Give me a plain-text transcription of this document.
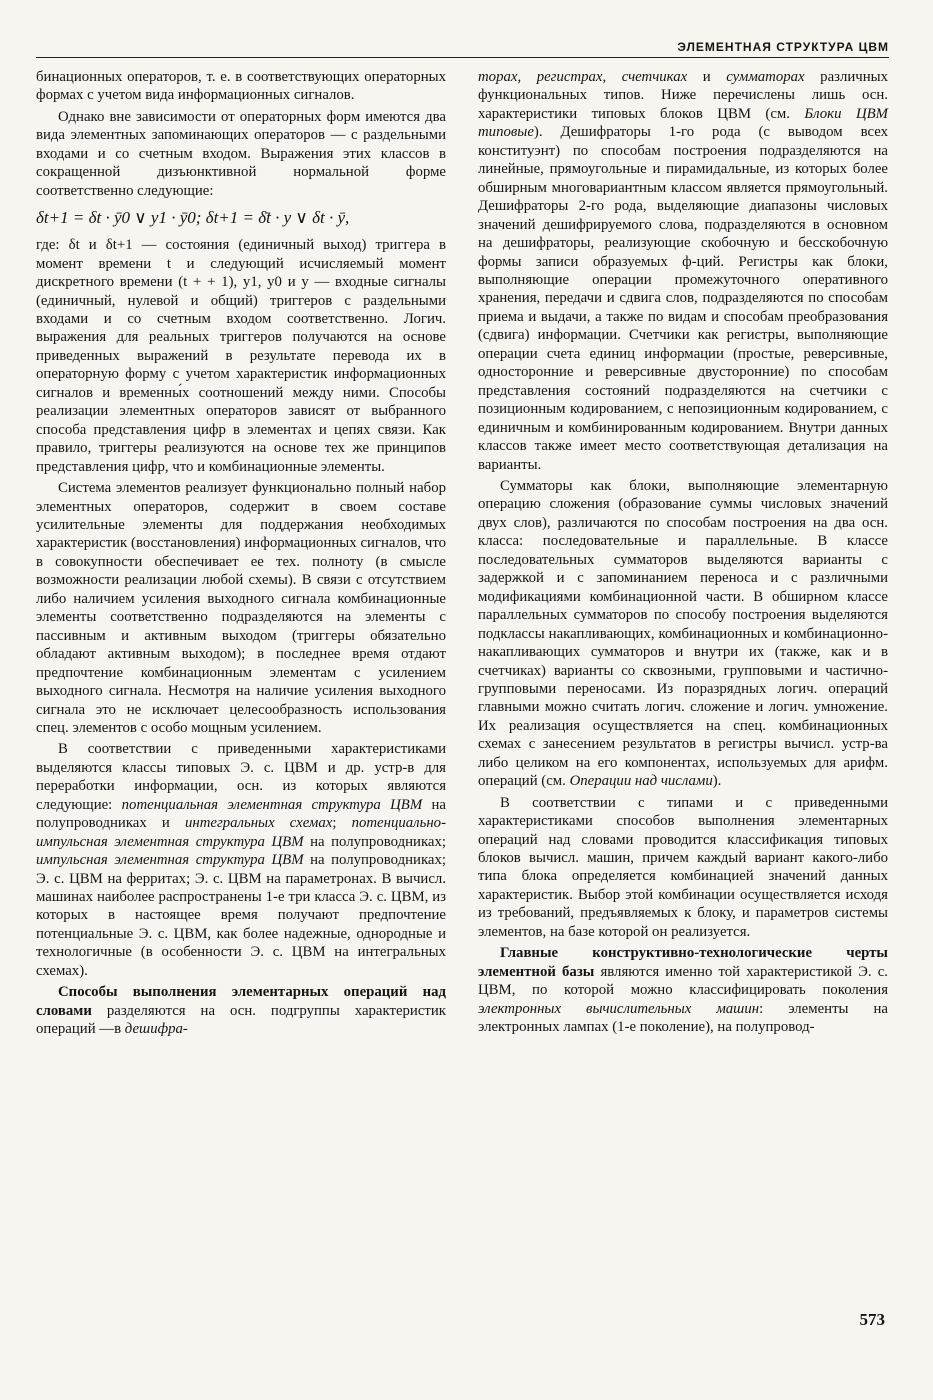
ЭЛЕМЕНТНАЯ СТРУКТУРА ЦВМ

бинационных операторов, т. е. в соответствующих операторных формах с учетом вида информационных сигналов.

Однако вне зависимости от операторных форм имеются два вида элементных запоминающих операторов — с раздельными входами и со счетным входом. Выражения этих классов в сокращенной дизъюнктивной нормальной форме соответственно следующие:

δt+1 = δt · ȳ0 ∨ y1 · ȳ0; δt+1 = δ̄t · y ∨ δt · ȳ,

где: δt и δt+1 — состояния (единичный выход) триггера в момент времени t и следующий исчисляемый момент дискретного времени (t + + 1), y1, y0 и y — входные сигналы (единичный, нулевой и общий) триггеров с раздельными входами и со счетным входом соответственно. Логич. выражения для реальных триггеров получаются на основе приведенных выражений в результате перевода их в операторную форму с учетом характеристик информационных сигналов и временны́х соотношений между ними. Способы реализации элементных операторов зависят от выбранного способа представления цифр в элементах и цепях связи. Как правило, триггеры реализуются на основе тех же принципов представления цифр, что и комбинационные элементы.

Система элементов реализует функционально полный набор элементных операторов, содержит в своем составе усилительные элементы для поддержания необходимых характеристик (восстановления) информационных сигналов, что в совокупности обеспечивает ее тех. полноту (в смысле возможности реализации любой схемы). В связи с отсутствием либо наличием усиления выходного сигнала комбинационные элементы соответственно подразделяются на элементы с пассивным и активным выходом (триггеры обязательно обладают активным выходом); в последнее время отдают предпочтение комбинационным элементам с усилением выходного сигнала. Несмотря на наличие усиления выходного сигнала это не исключает целесообразность использования спец. элементов с особо мощным усилением.

В соответствии с приведенными характеристиками выделяются классы типовых Э. с. ЦВМ и др. устр-в для переработки информации, осн. из которых являются следующие: потенциальная элементная структура ЦВМ на полупроводниках и интегральных схемах; потенциально-импульсная элементная структура ЦВМ на полупроводниках; импульсная элементная структура ЦВМ на полупроводниках; Э. с. ЦВМ на ферритах; Э. с. ЦВМ на параметронах. В вычисл. машинах наиболее распространены 1-е три класса Э. с. ЦВМ, из которых в настоящее время получают предпочтение потенциальные Э. с. ЦВМ, как более надежные, однородные и технологичные (в особенности Э. с. ЦВМ на интегральных схемах).

Способы выполнения элементарных операций над словами разделяются на осн. подгруппы характеристик операций —в дешифра-

торах, регистрах, счетчиках и сумматорах различных функциональных типов. Ниже перечислены лишь осн. характеристики типовых блоков ЦВМ (см. Блоки ЦВМ типовые). Дешифраторы 1-го рода (с выводом всех конституэнт) по способам построения подразделяются на линейные, прямоугольные и пирамидальные, из которых более обширным многовариантным классом является прямоугольный. Дешифраторы 2-го рода, выделяющие диапазоны числовых значений дешифрируемого слова, подразделяются в основном на дешифраторы, реализующие скобочную и бесскобочную формы записи образуемых ф-ций. Регистры как блоки, выполняющие операции промежуточного оперативного хранения, передачи и сдвига слов, подразделяются по способам приема и выдачи, а также по видам и способам преобразования (сдвига) информации. Счетчики как регистры, выполняющие операции счета единиц информации (простые, реверсивные, односторонние и реверсивные двусторонние) по способам представления состояний подразделяются на счетчики с позиционным кодированием, с непозиционным кодированием, с единичным и комбинированным кодированием. Внутри данных классов также имеет место соответствующая детализация на варианты.

Сумматоры как блоки, выполняющие элементарную операцию сложения (образование суммы числовых значений двух слов), различаются по способам построения на два осн. класса: последовательные и параллельные. В классе последовательных сумматоров выделяются варианты с задержкой и с запоминанием переноса и с различными модификациями комбинационной части. В обширном классе параллельных сумматоров по способу построения выделяются подклассы накапливающих, комбинационных и комбинационно-накапливающих сумматоров и внутри их (также, как и в счетчиках) варианты со сквозными, групповыми и частично-групповыми переносами. Из поразрядных логич. операций главными можно считать логич. сложение и логич. умножение. Их реализация осуществляется на спец. комбинационных схемах с занесением результатов в регистры вычисл. устр-ва либо целиком на его компонентах, используемых для арифм. операций (см. Операции над числами).

В соответствии с типами и с приведенными характеристиками способов выполнения элементарных операций над словами проводится классификация типовых блоков вычисл. машин, причем каждый вариант какого-либо типа блока определяется комбинацией значений данных характеристик. Выбор этой комбинации осуществляется исходя из требований, предъявляемых к блоку, и параметров системы элементов, на базе которой он реализуется.

Главные конструктивно-технологические черты элементной базы являются именно той характеристикой Э. с. ЦВМ, по которой можно классифицировать поколения электронных вычислительных машин: элементы на электронных лампах (1-е поколение), на полупровод-

573
